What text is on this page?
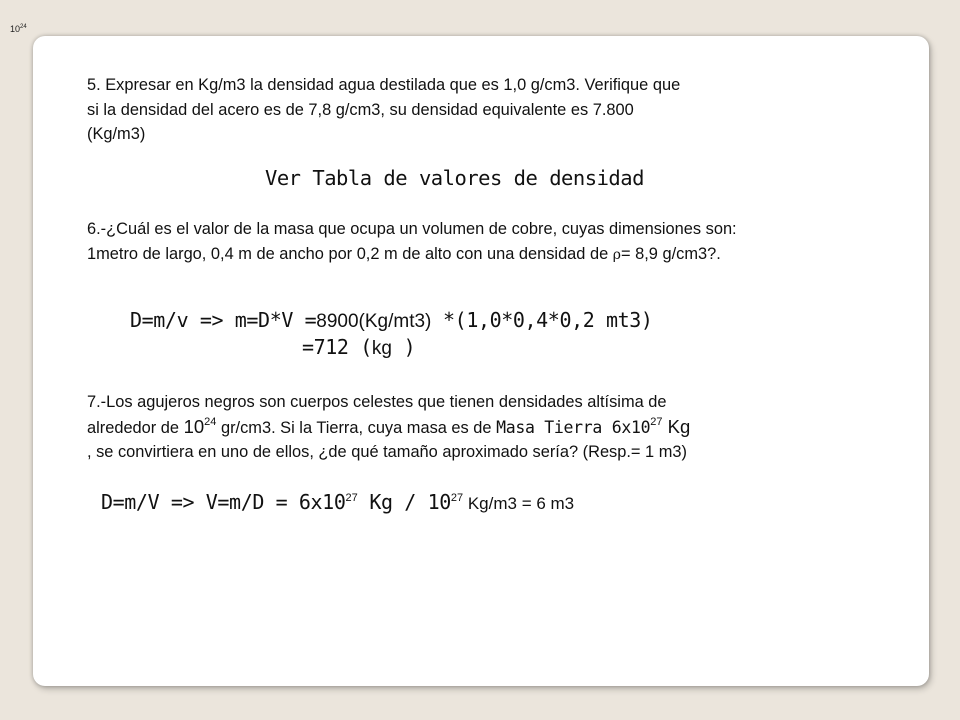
$10^{24}$
5. Expresar en Kg/m3 la densidad agua destilada que es 1,0 g/cm3. Verifique que
si la densidad del acero es de 7,8 g/cm3, su densidad equivalente es 7.800
(Kg/m3)
Ver Tabla de valores de densidad
6.-¿Cuál es el valor de la masa que ocupa un volumen de cobre, cuyas dimensiones son:
1metro de largo, 0,4 m de ancho por 0,2 m de alto con una densidad de ρ= 8,9 g/cm3?.
D=m/v => m=D*V =8900(Kg/mt3) *(1,0*0,4*0,2 mt3)
=712 (kg )
7.-Los agujeros negros son cuerpos celestes que tienen densidades altísima de
alrededor de $10^{24}$ gr/cm3. Si la Tierra, cuya masa es de Masa Tierra $6x10^{27}$ Kg
, se convirtiera en uno de ellos, ¿de qué tamaño aproximado sería? (Resp.= 1 m3)
$D=m/V => V=m/D = 6x10^{27}$ Kg / $10^{27}$ Kg/m3 = 6 m3
